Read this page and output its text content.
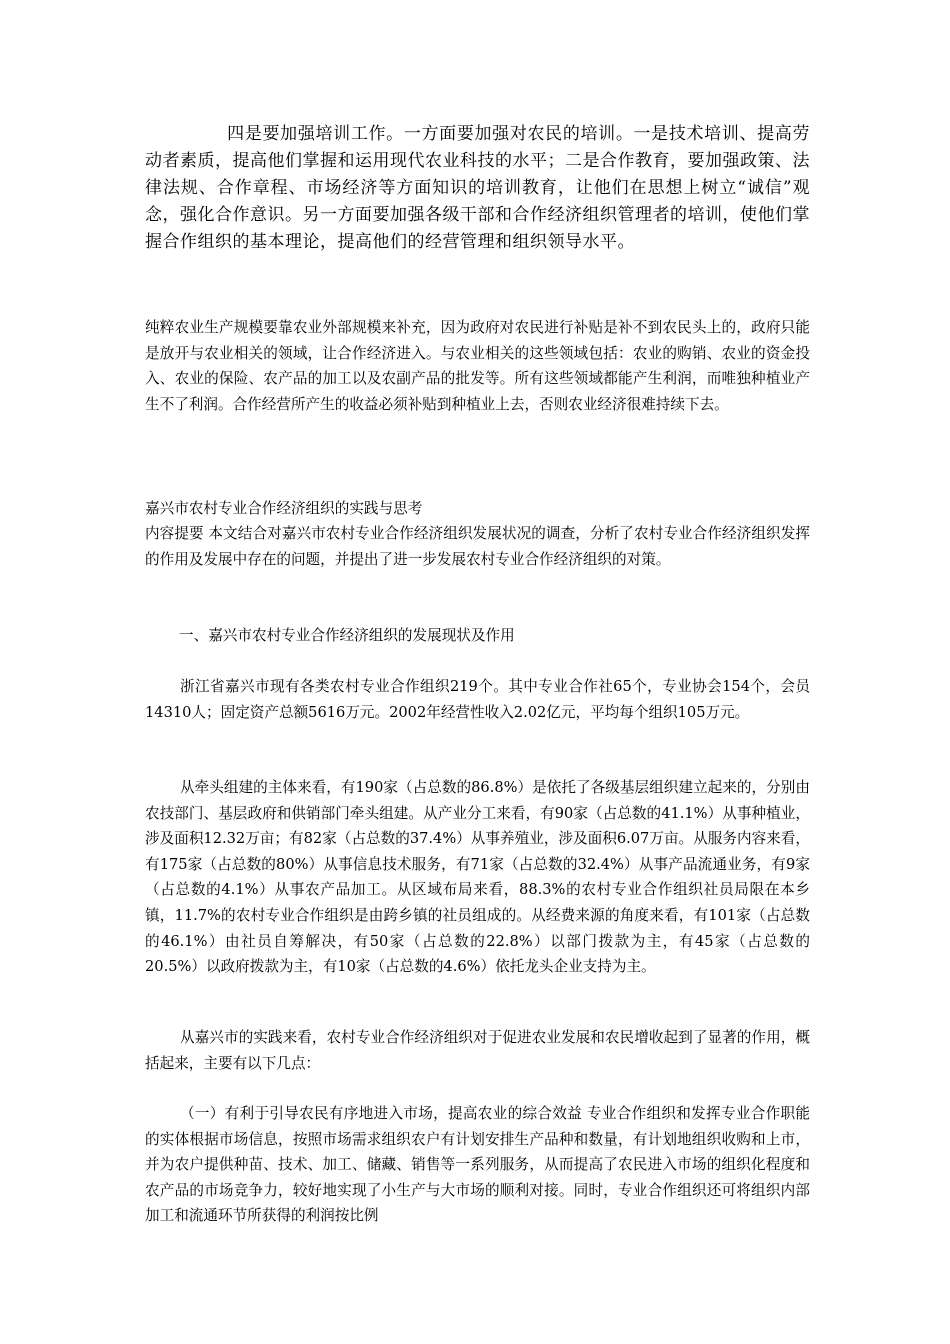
四是要加强培训工作。一方面要加强对农民的培训。一是技术培训、提高劳动者素质，提高他们掌握和运用现代农业科技的水平；二是合作教育，要加强政策、法律法规、合作章程、市场经济等方面知识的培训教育，让他们在思想上树立“诚信”观念，强化合作意识。另一方面要加强各级干部和合作经济组织管理者的培训，使他们掌握合作组织的基本理论，提高他们的经营管理和组织领导水平。

纯粹农业生产规模要靠农业外部规模来补充，因为政府对农民进行补贴是补不到农民头上的，政府只能是放开与农业相关的领域，让合作经济进入。与农业相关的这些领域包括：农业的购销、农业的资金投入、农业的保险、农产品的加工以及农副产品的批发等。所有这些领域都能产生利润，而唯独种植业产生不了利润。合作经营所产生的收益必须补贴到种植业上去，否则农业经济很难持续下去。

嘉兴市农村专业合作经济组织的实践与思考

内容提要 本文结合对嘉兴市农村专业合作经济组织发展状况的调查，分析了农村专业合作经济组织发挥的作用及发展中存在的问题，并提出了进一步发展农村专业合作经济组织的对策。

一、嘉兴市农村专业合作经济组织的发展现状及作用

浙江省嘉兴市现有各类农村专业合作组织219个。其中专业合作社65个，专业协会154个，会员14310人；固定资产总额5616万元。2002年经营性收入2.02亿元，平均每个组织105万元。

从牵头组建的主体来看，有190家（占总数的86.8%）是依托了各级基层组织建立起来的，分别由农技部门、基层政府和供销部门牵头组建。从产业分工来看，有90家（占总数的41.1%）从事种植业，涉及面积12.32万亩；有82家（占总数的37.4%）从事养殖业，涉及面积6.07万亩。从服务内容来看，有175家（占总数的80%）从事信息技术服务，有71家（占总数的32.4%）从事产品流通业务，有9家（占总数的4.1%）从事农产品加工。从区域布局来看，88.3%的农村专业合作组织社员局限在本乡镇，11.7%的农村专业合作组织是由跨乡镇的社员组成的。从经费来源的角度来看，有101家（占总数的46.1%）由社员自筹解决，有50家（占总数的22.8%）以部门拨款为主，有45家（占总数的20.5%）以政府拨款为主，有10家（占总数的4.6%）依托龙头企业支持为主。

从嘉兴市的实践来看，农村专业合作经济组织对于促进农业发展和农民增收起到了显著的作用，概括起来，主要有以下几点：

（一）有利于引导农民有序地进入市场，提高农业的综合效益 专业合作组织和发挥专业合作职能的实体根据市场信息，按照市场需求组织农户有计划安排生产品种和数量，有计划地组织收购和上市，并为农户提供种苗、技术、加工、储藏、销售等一系列服务，从而提高了农民进入市场的组织化程度和农产品的市场竞争力，较好地实现了小生产与大市场的顺利对接。同时，专业合作组织还可将组织内部加工和流通环节所获得的利润按比例
